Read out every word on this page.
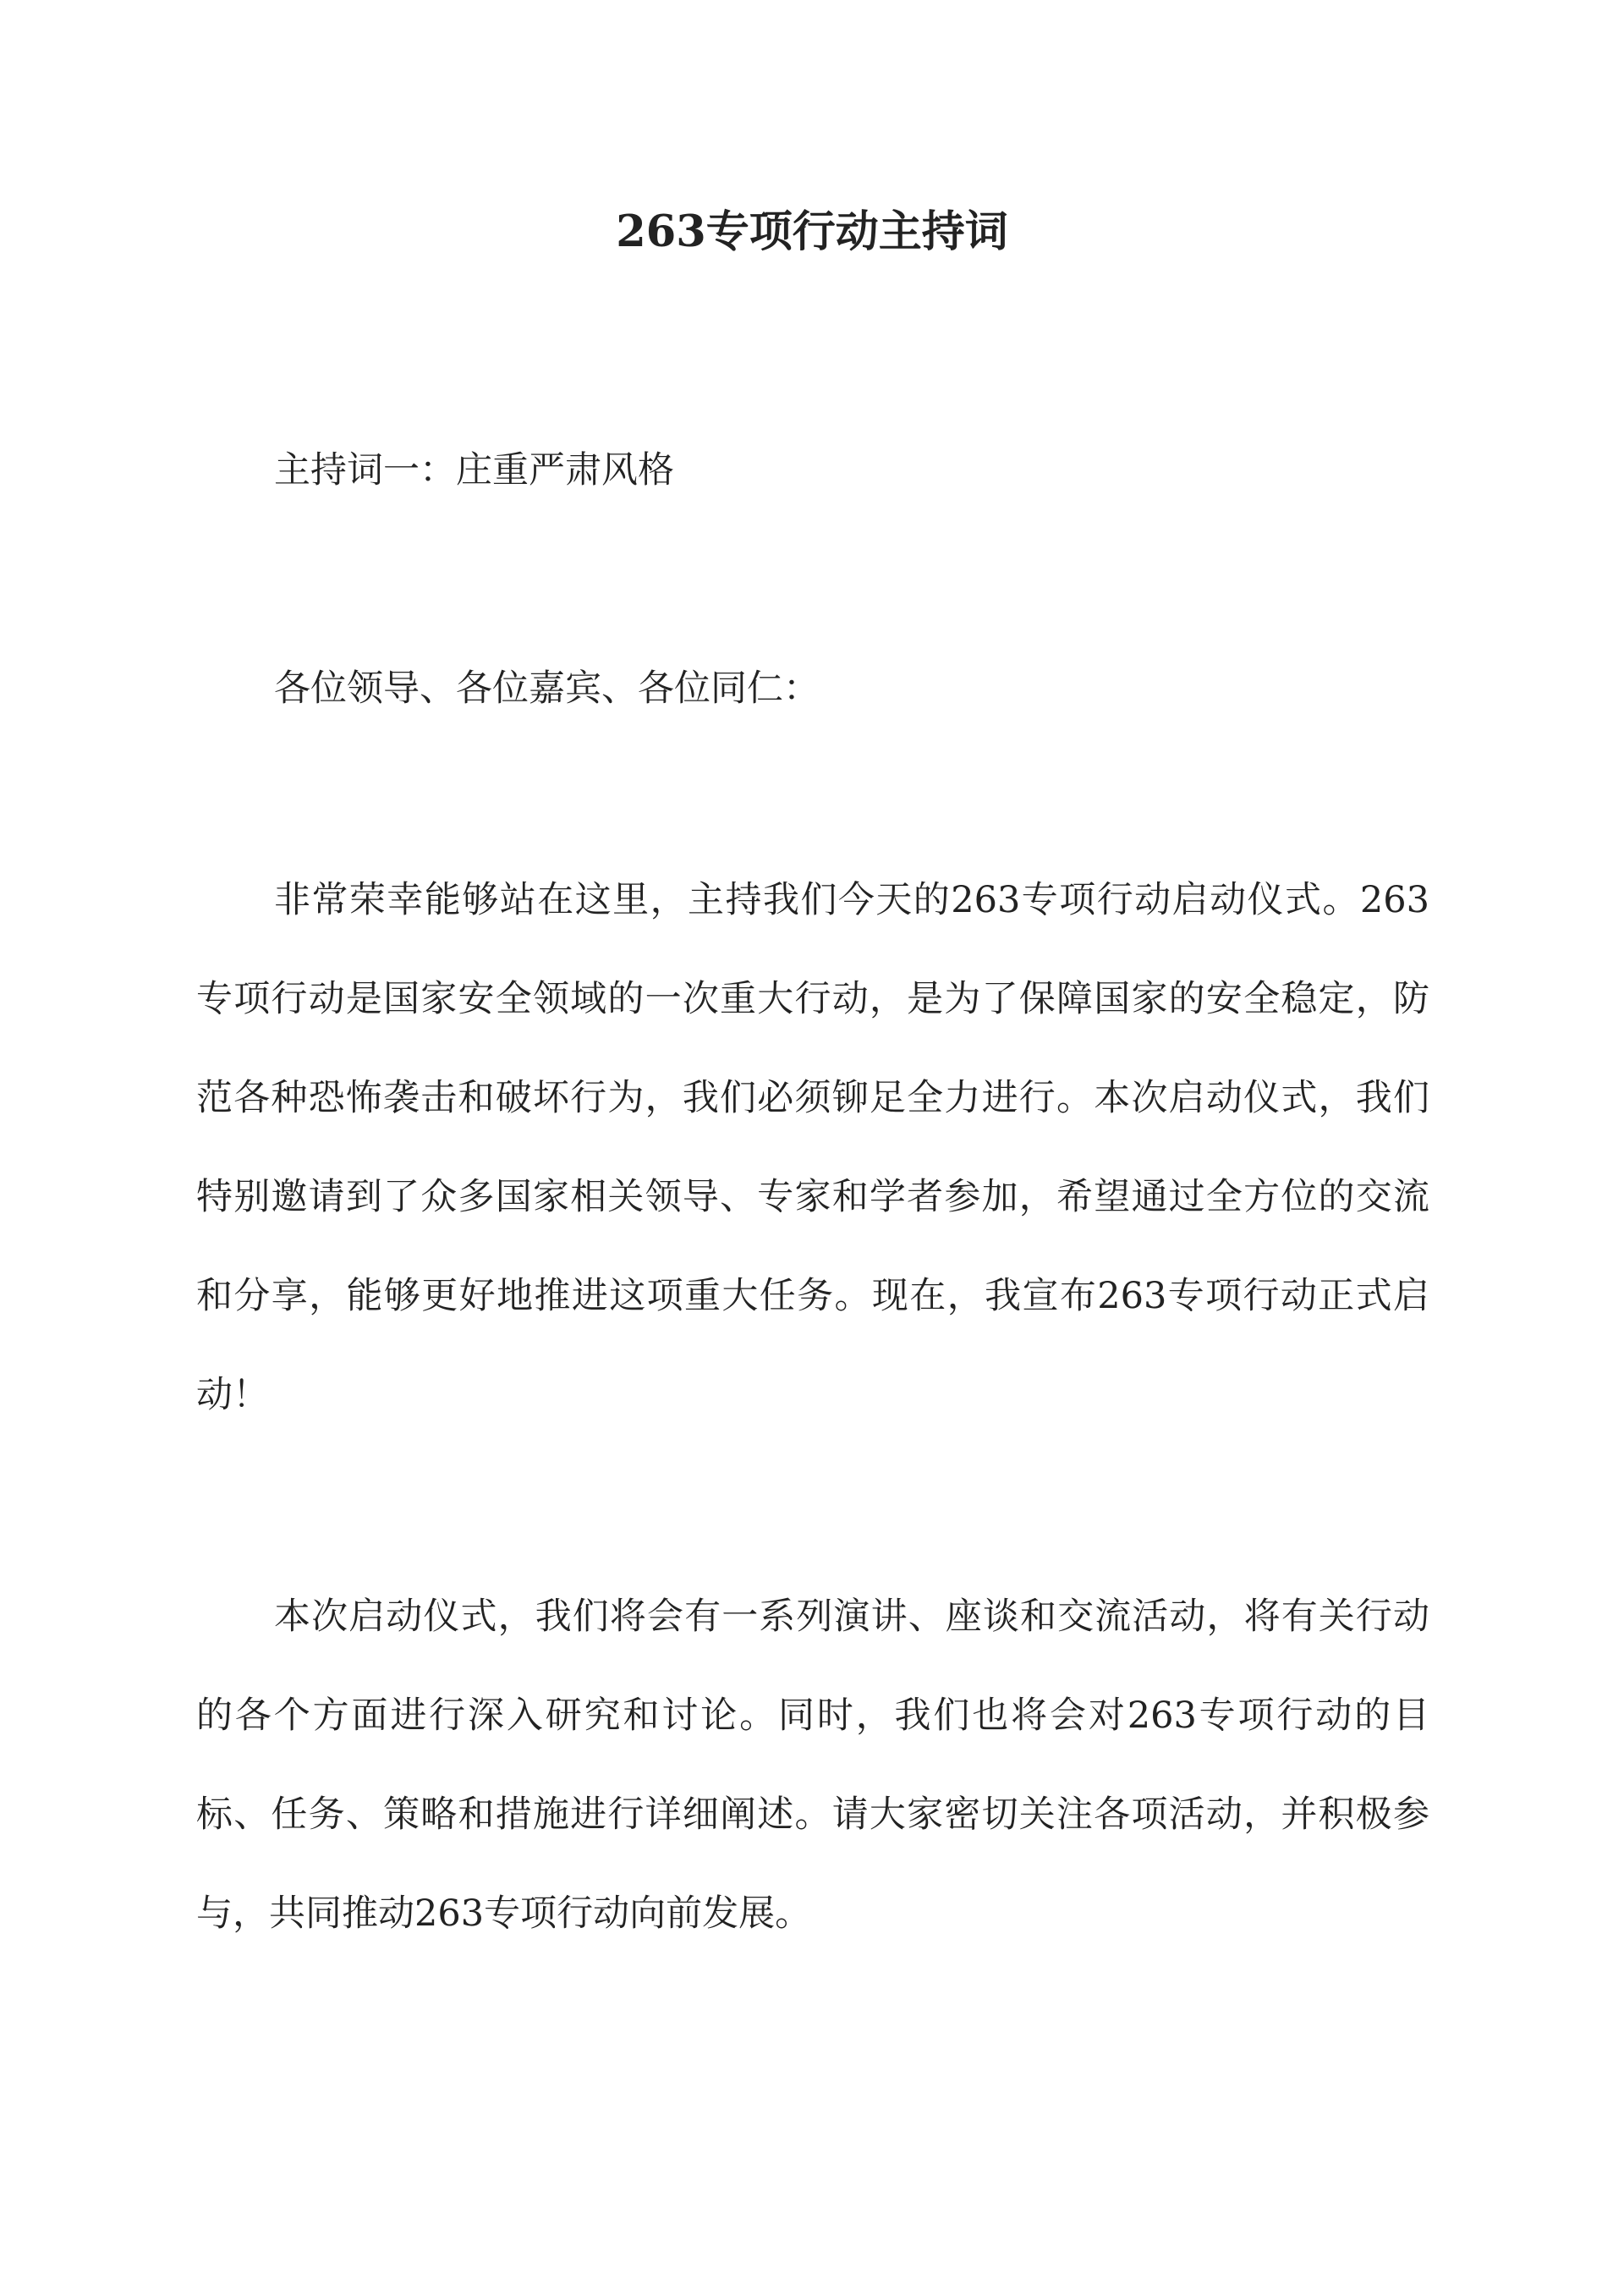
263专项行动主持词

主持词一：庄重严肃风格

各位领导、各位嘉宾、各位同仁：

非常荣幸能够站在这里，主持我们今天的263专项行动启动仪式。263专项行动是国家安全领域的一次重大行动，是为了保障国家的安全稳定，防范各种恐怖袭击和破坏行为，我们必须铆足全力进行。本次启动仪式，我们特别邀请到了众多国家相关领导、专家和学者参加，希望通过全方位的交流和分享，能够更好地推进这项重大任务。现在，我宣布263专项行动正式启动！

本次启动仪式，我们将会有一系列演讲、座谈和交流活动，将有关行动的各个方面进行深入研究和讨论。同时，我们也将会对263专项行动的目标、任务、策略和措施进行详细阐述。请大家密切关注各项活动，并积极参与，共同推动263专项行动向前发展。
